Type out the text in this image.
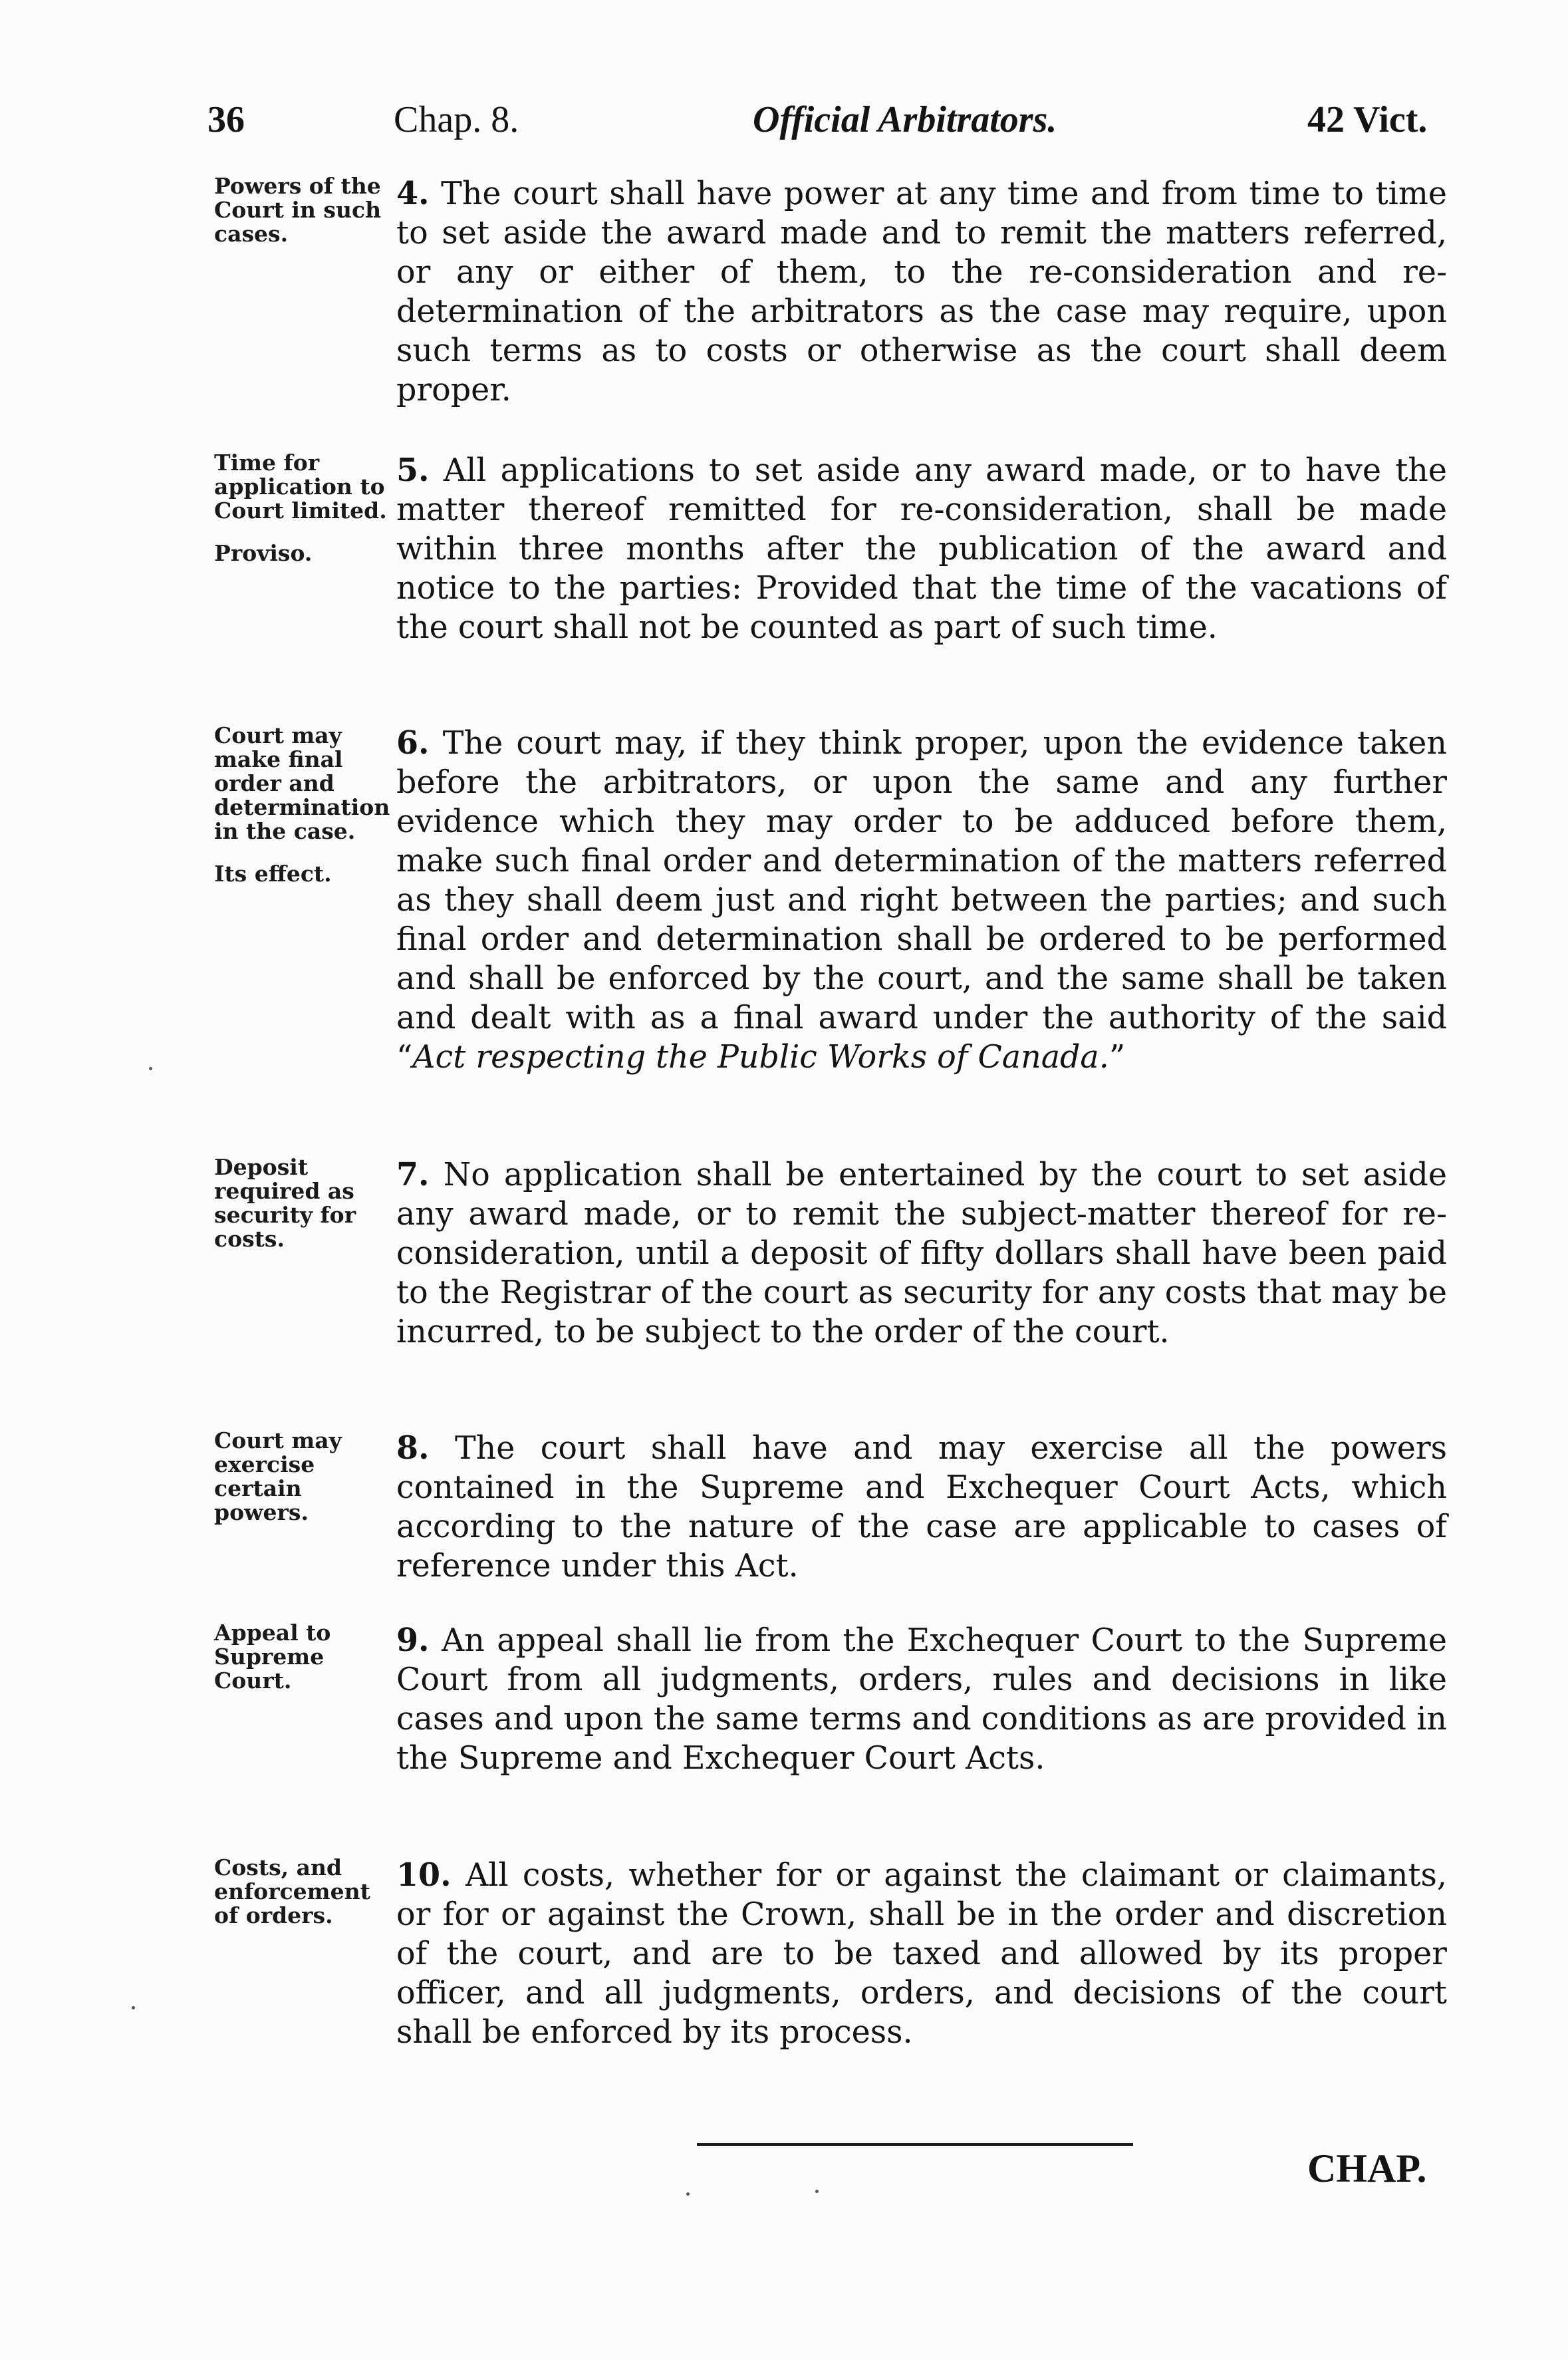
36	Chap. 8.	Official Arbitrators.	42 Vict.
Powers of the Court in such cases.
4. The court shall have power at any time and from time to time to set aside the award made and to remit the matters referred, or any or either of them, to the re-consideration and re-determination of the arbitrators as the case may require, upon such terms as to costs or otherwise as the court shall deem proper.
Time for application to Court limited.
Proviso.
5. All applications to set aside any award made, or to have the matter thereof remitted for re-consideration, shall be made within three months after the publication of the award and notice to the parties: Provided that the time of the vacations of the court shall not be counted as part of such time.
Court may make final order and determination in the case.
Its effect.
6. The court may, if they think proper, upon the evidence taken before the arbitrators, or upon the same and any further evidence which they may order to be adduced before them, make such final order and determination of the matters referred as they shall deem just and right between the parties; and such final order and determination shall be ordered to be performed and shall be enforced by the court, and the same shall be taken and dealt with as a final award under the authority of the said “Act respecting the Public Works of Canada.”
Deposit required as security for costs.
7. No application shall be entertained by the court to set aside any award made, or to remit the subject-matter thereof for re-consideration, until a deposit of fifty dollars shall have been paid to the Registrar of the court as security for any costs that may be incurred, to be subject to the order of the court.
Court may exercise certain powers.
8. The court shall have and may exercise all the powers contained in the Supreme and Exchequer Court Acts, which according to the nature of the case are applicable to cases of reference under this Act.
Appeal to Supreme Court.
9. An appeal shall lie from the Exchequer Court to the Supreme Court from all judgments, orders, rules and decisions in like cases and upon the same terms and conditions as are provided in the Supreme and Exchequer Court Acts.
Costs, and enforcement of orders.
10. All costs, whether for or against the claimant or claimants, or for or against the Crown, shall be in the order and discretion of the court, and are to be taxed and allowed by its proper officer, and all judgments, orders, and decisions of the court shall be enforced by its process.
CHAP.
